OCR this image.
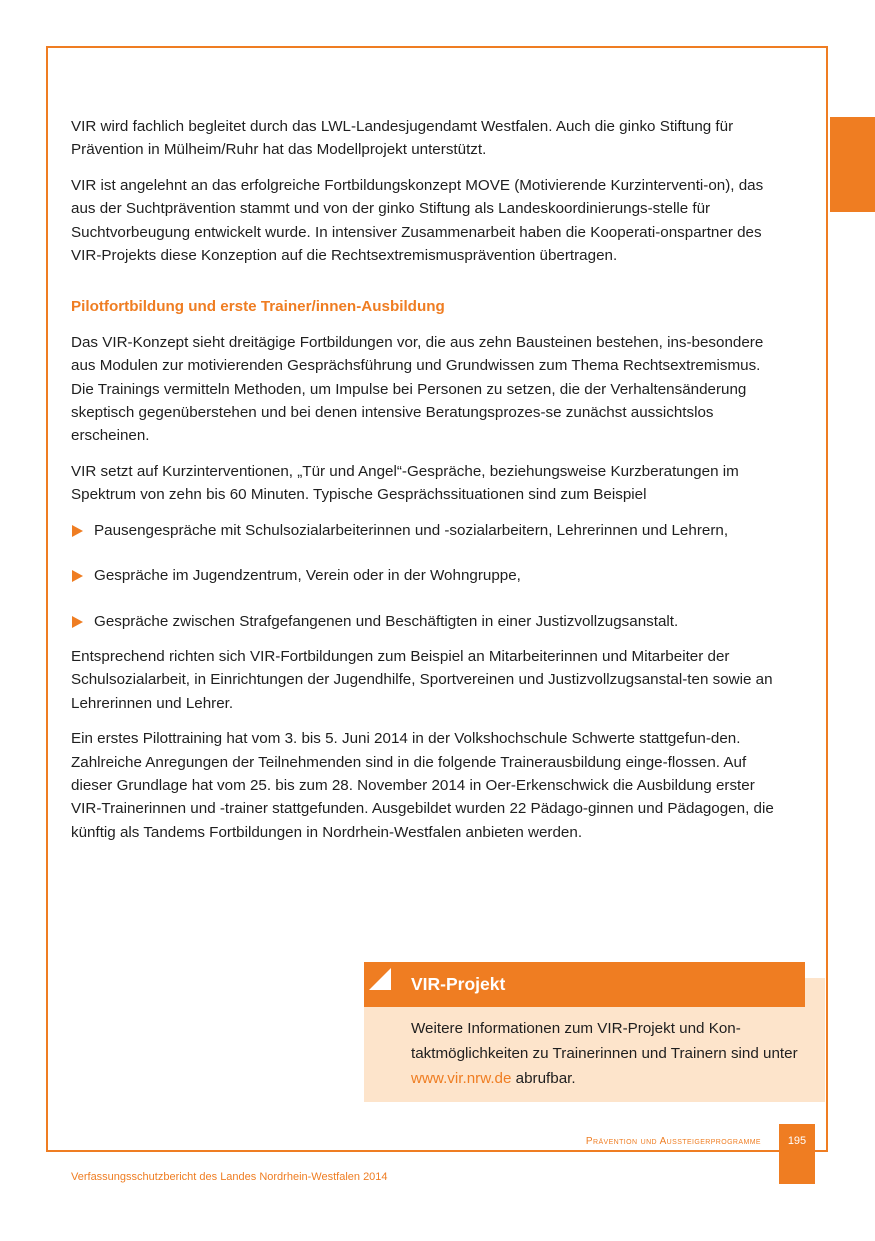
VIR wird fachlich begleitet durch das LWL-Landesjugendamt Westfalen. Auch die ginko Stiftung für Prävention in Mülheim/Ruhr hat das Modellprojekt unterstützt.

VIR ist angelehnt an das erfolgreiche Fortbildungskonzept MOVE (Motivierende Kurzinterventi-on), das aus der Suchtprävention stammt und von der ginko Stiftung als Landeskoordinierungs-stelle für Suchtvorbeugung entwickelt wurde. In intensiver Zusammenarbeit haben die Kooperati-onspartner des VIR-Projekts diese Konzeption auf die Rechtsextremismusprävention übertragen.

Pilotfortbildung und erste Trainer/innen-Ausbildung

Das VIR-Konzept sieht dreitägige Fortbildungen vor, die aus zehn Bausteinen bestehen, ins-besondere aus Modulen zur motivierenden Gesprächsführung und Grundwissen zum Thema Rechtsextremismus. Die Trainings vermitteln Methoden, um Impulse bei Personen zu setzen, die der Verhaltensänderung skeptisch gegenüberstehen und bei denen intensive Beratungsprozes-se zunächst aussichtslos erscheinen.

VIR setzt auf Kurzinterventionen, „Tür und Angel“-Gespräche, beziehungsweise Kurzberatungen im Spektrum von zehn bis 60 Minuten. Typische Gesprächssituationen sind zum Beispiel

Pausengespräche mit Schulsozialarbeiterinnen und -sozialarbeitern, Lehrerinnen und Lehrern,
Gespräche im Jugendzentrum, Verein oder in der Wohngruppe,
Gespräche zwischen Strafgefangenen und Beschäftigten in einer Justizvollzugsanstalt.

Entsprechend richten sich VIR-Fortbildungen zum Beispiel an Mitarbeiterinnen und Mitarbeiter der Schulsozialarbeit, in Einrichtungen der Jugendhilfe, Sportvereinen und Justizvollzugsanstal-ten sowie an Lehrerinnen und Lehrer.

Ein erstes Pilottraining hat vom 3. bis 5. Juni 2014 in der Volkshochschule Schwerte stattgefun-den. Zahlreiche Anregungen der Teilnehmenden sind in die folgende Trainerausbildung einge-flossen. Auf dieser Grundlage hat vom 25. bis zum 28. November 2014 in Oer-Erkenschwick die Ausbildung erster VIR-Trainerinnen und -trainer stattgefunden. Ausgebildet wurden 22 Pädago-ginnen und Pädagogen, die künftig als Tandems Fortbildungen in Nordrhein-Westfalen anbieten werden.

VIR-Projekt
Weitere Informationen zum VIR-Projekt und Kon-taktmöglichkeiten zu Trainerinnen und Trainern sind unter www.vir.nrw.de abrufbar.
Prävention und Aussteigerprogramme	195
Verfassungsschutzbericht des Landes Nordrhein-Westfalen 2014
